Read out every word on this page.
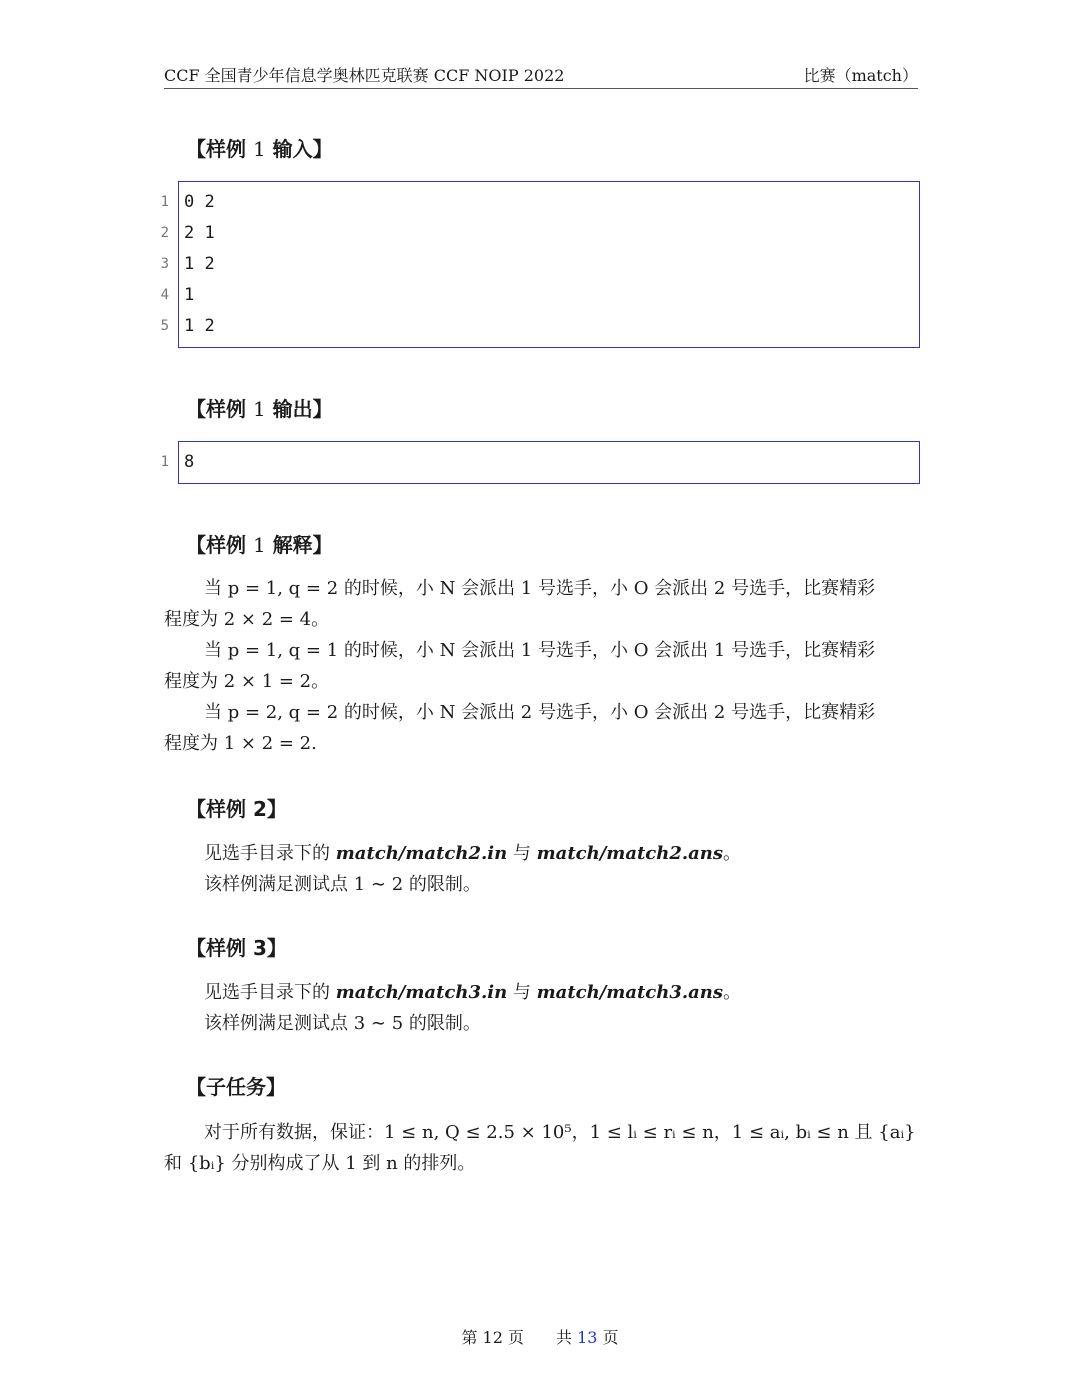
CCF 全国青少年信息学奥林匹克联赛 CCF NOIP 2022	比赛（match）
【样例 1 输入】
1 0 2
2 2 1
3 1 2
4 1
5 1 2
【样例 1 输出】
1 8
【样例 1 解释】

当 p = 1, q = 2 的时候，小 N 会派出 1 号选手，小 O 会派出 2 号选手，比赛精彩

程度为 2 × 2 = 4。

当 p = 1, q = 1 的时候，小 N 会派出 1 号选手，小 O 会派出 1 号选手，比赛精彩

程度为 2 × 1 = 2。

当 p = 2, q = 2 的时候，小 N 会派出 2 号选手，小 O 会派出 2 号选手，比赛精彩

程度为 1 × 2 = 2.

【样例 2】

见选手目录下的 match/match2.in 与 match/match2.ans。

该样例满足测试点 1 ∼ 2 的限制。

【样例 3】

见选手目录下的 match/match3.in 与 match/match3.ans。

该样例满足测试点 3 ∼ 5 的限制。

【子任务】

对于所有数据，保证：1 ≤ n, Q ≤ 2.5 × 10⁵，1 ≤ lᵢ ≤ rᵢ ≤ n，1 ≤ aᵢ, bᵢ ≤ n 且 {aᵢ}

和 {bᵢ} 分别构成了从 1 到 n 的排列。

第 12 页　　共 13 页
